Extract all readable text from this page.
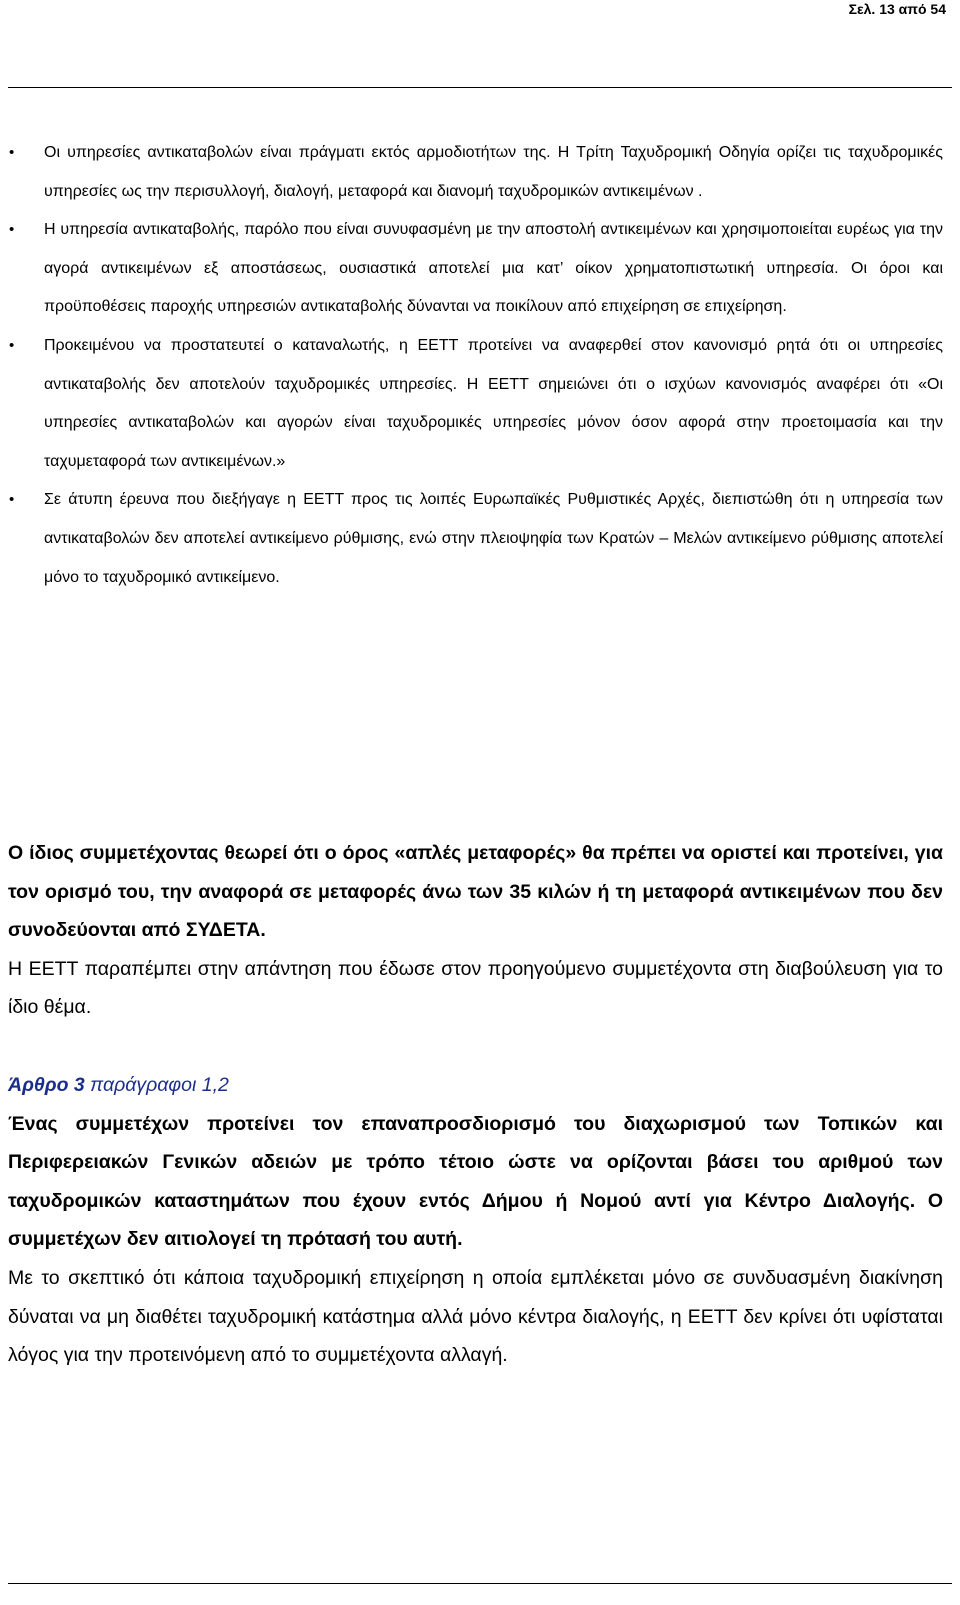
Σελ. 13 από 54
• Οι υπηρεσίες αντικαταβολών είναι πράγματι εκτός αρμοδιοτήτων της. Η Τρίτη Ταχυδρομική Οδηγία ορίζει τις ταχυδρομικές υπηρεσίες ως την περισυλλογή, διαλογή, μεταφορά και διανομή ταχυδρομικών αντικειμένων .
• Η υπηρεσία αντικαταβολής, παρόλο που είναι συνυφασμένη με την αποστολή αντικειμένων και χρησιμοποιείται ευρέως για την αγορά αντικειμένων εξ αποστάσεως, ουσιαστικά αποτελεί μια κατ’ οίκον χρηματοπιστωτική υπηρεσία. Οι όροι και προϋποθέσεις παροχής υπηρεσιών αντικαταβολής δύνανται να ποικίλουν από επιχείρηση σε επιχείρηση.
• Προκειμένου να προστατευτεί ο καταναλωτής, η ΕΕΤΤ προτείνει να αναφερθεί στον κανονισμό ρητά ότι οι υπηρεσίες αντικαταβολής δεν αποτελούν ταχυδρομικές υπηρεσίες. Η ΕΕΤΤ σημειώνει ότι ο ισχύων κανονισμός αναφέρει ότι «Οι υπηρεσίες αντικαταβολών και αγορών είναι ταχυδρομικές υπηρεσίες μόνον όσον αφορά στην προετοιμασία και την ταχυμεταφορά των αντικειμένων.»
• Σε άτυπη έρευνα που διεξήγαγε η ΕΕΤΤ προς τις λοιπές Ευρωπαϊκές Ρυθμιστικές Αρχές, διεπιστώθη ότι η υπηρεσία των αντικαταβολών δεν αποτελεί αντικείμενο ρύθμισης, ενώ στην πλειοψηφία των Κρατών – Μελών αντικείμενο ρύθμισης αποτελεί μόνο το ταχυδρομικό αντικείμενο.

Ο ίδιος συμμετέχοντας θεωρεί ότι ο όρος «απλές μεταφορές» θα πρέπει να οριστεί και προτείνει, για τον ορισμό του, την αναφορά σε μεταφορές άνω των 35 κιλών ή τη μεταφορά αντικειμένων που δεν συνοδεύονται από ΣΥΔΕΤΑ.

Η ΕΕΤΤ παραπέμπει στην απάντηση που έδωσε στον προηγούμενο συμμετέχοντα στη διαβούλευση για το ίδιο θέμα.

Άρθρο 3 παράγραφοι 1,2

Ένας συμμετέχων προτείνει τον επαναπροσδιορισμό του διαχωρισμού των Τοπικών και Περιφερειακών Γενικών αδειών με τρόπο τέτοιο ώστε να ορίζονται βάσει του αριθμού των ταχυδρομικών καταστημάτων που έχουν εντός Δήμου ή Νομού αντί για Κέντρο Διαλογής. Ο συμμετέχων δεν αιτιολογεί τη πρότασή του αυτή.

Με το σκεπτικό ότι κάποια ταχυδρομική επιχείρηση η οποία εμπλέκεται μόνο σε συνδυασμένη διακίνηση δύναται να μη διαθέτει ταχυδρομική κατάστημα αλλά μόνο κέντρα διαλογής, η ΕΕΤΤ δεν κρίνει ότι υφίσταται λόγος για την προτεινόμενη από το συμμετέχοντα αλλαγή.
